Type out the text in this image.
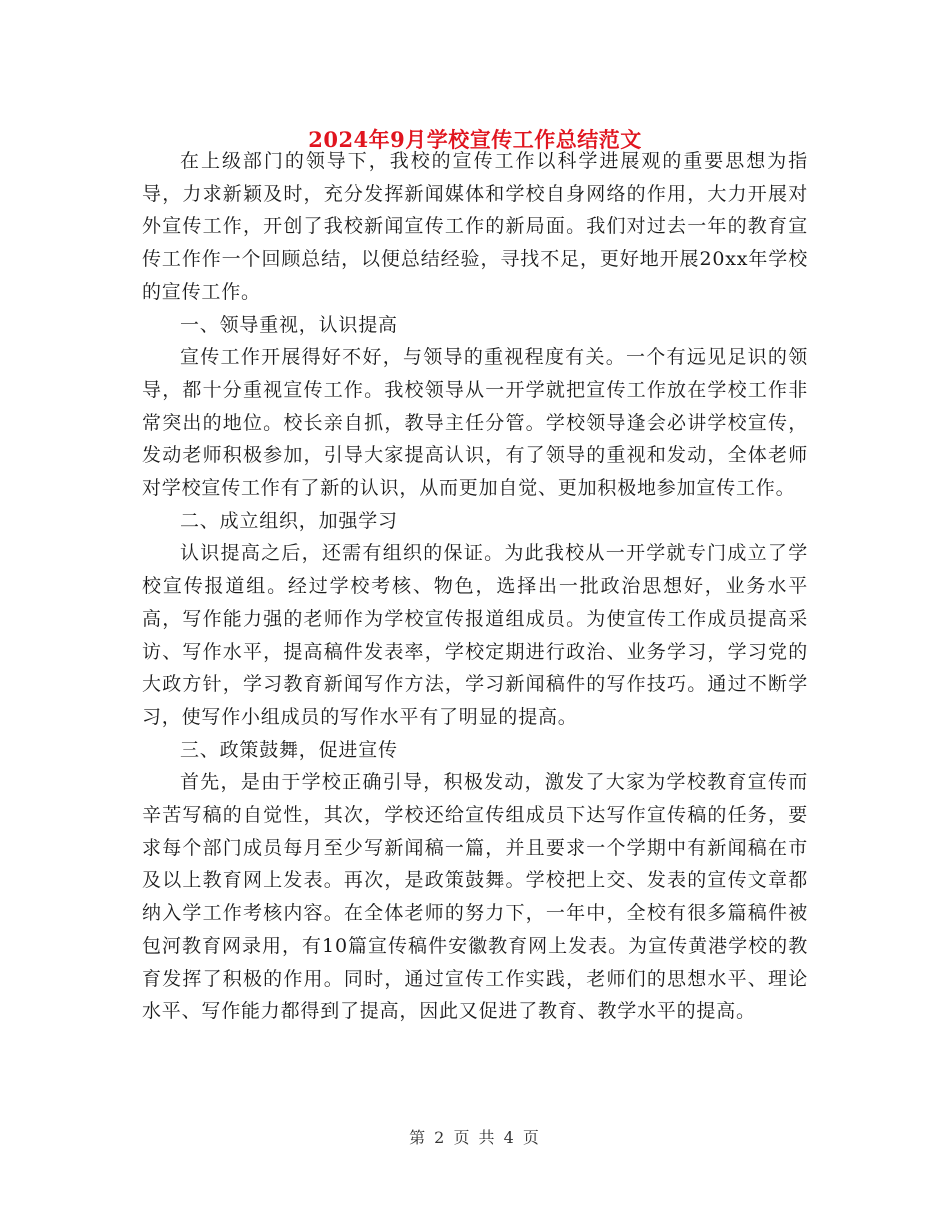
2024年9月学校宣传工作总结范文

在上级部门的领导下，我校的宣传工作以科学进展观的重要思想为指导，力求新颖及时，充分发挥新闻媒体和学校自身网络的作用，大力开展对外宣传工作，开创了我校新闻宣传工作的新局面。我们对过去一年的教育宣传工作作一个回顾总结，以便总结经验，寻找不足，更好地开展20xx年学校的宣传工作。

一、领导重视，认识提高

宣传工作开展得好不好，与领导的重视程度有关。一个有远见足识的领导，都十分重视宣传工作。我校领导从一开学就把宣传工作放在学校工作非常突出的地位。校长亲自抓，教导主任分管。学校领导逢会必讲学校宣传，发动老师积极参加，引导大家提高认识，有了领导的重视和发动，全体老师对学校宣传工作有了新的认识，从而更加自觉、更加积极地参加宣传工作。

二、成立组织，加强学习

认识提高之后，还需有组织的保证。为此我校从一开学就专门成立了学校宣传报道组。经过学校考核、物色，选择出一批政治思想好，业务水平高，写作能力强的老师作为学校宣传报道组成员。为使宣传工作成员提高采访、写作水平，提高稿件发表率，学校定期进行政治、业务学习，学习党的大政方针，学习教育新闻写作方法，学习新闻稿件的写作技巧。通过不断学习，使写作小组成员的写作水平有了明显的提高。

三、政策鼓舞，促进宣传

首先，是由于学校正确引导，积极发动，激发了大家为学校教育宣传而辛苦写稿的自觉性，其次，学校还给宣传组成员下达写作宣传稿的任务，要求每个部门成员每月至少写新闻稿一篇，并且要求一个学期中有新闻稿在市及以上教育网上发表。再次，是政策鼓舞。学校把上交、发表的宣传文章都纳入学工作考核内容。在全体老师的努力下，一年中，全校有很多篇稿件被包河教育网录用，有10篇宣传稿件安徽教育网上发表。为宣传黄港学校的教育发挥了积极的作用。同时，通过宣传工作实践，老师们的思想水平、理论水平、写作能力都得到了提高，因此又促进了教育、教学水平的提高。

第 2 页 共 4 页
